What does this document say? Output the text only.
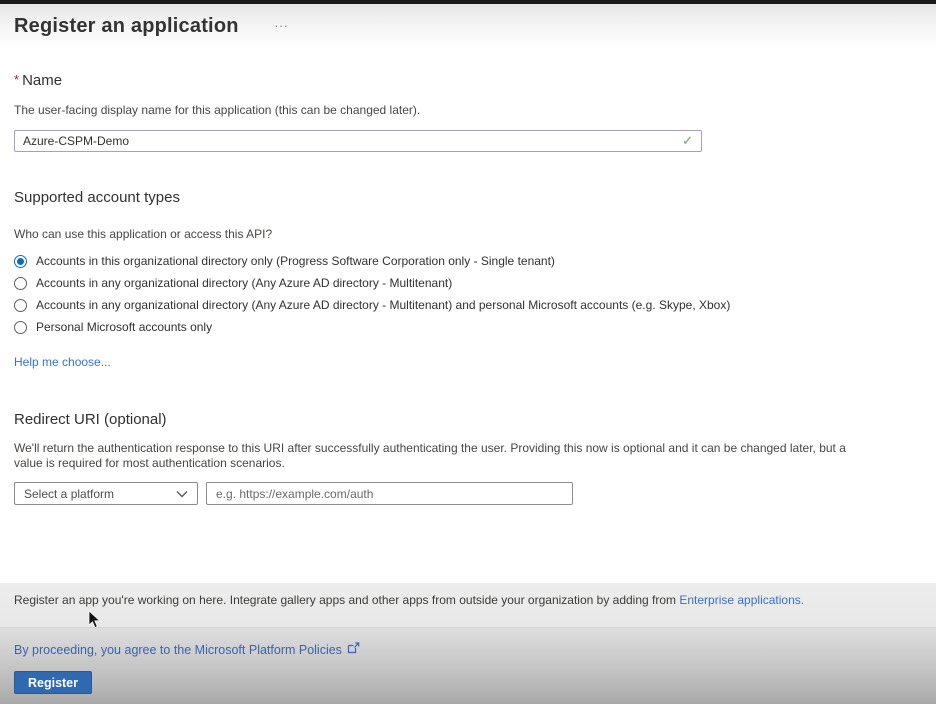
Register an application	...
* Name
The user-facing display name for this application (this can be changed later).
Azure-CSPM-Demo
✓
Supported account types
Who can use this application or access this API?
Accounts in this organizational directory only (Progress Software Corporation only - Single tenant)
Accounts in any organizational directory (Any Azure AD directory - Multitenant)
Accounts in any organizational directory (Any Azure AD directory - Multitenant) and personal Microsoft accounts (e.g. Skype, Xbox)
Personal Microsoft accounts only
Help me choose...
Redirect URI (optional)
We'll return the authentication response to this URI after successfully authenticating the user. Providing this now is optional and it can be changed later, but a value is required for most authentication scenarios.
Select a platform
e.g. https://example.com/auth
Register an app you're working on here. Integrate gallery apps and other apps from outside your organization by adding from Enterprise applications.
By proceeding, you agree to the Microsoft Platform Policies
Register
